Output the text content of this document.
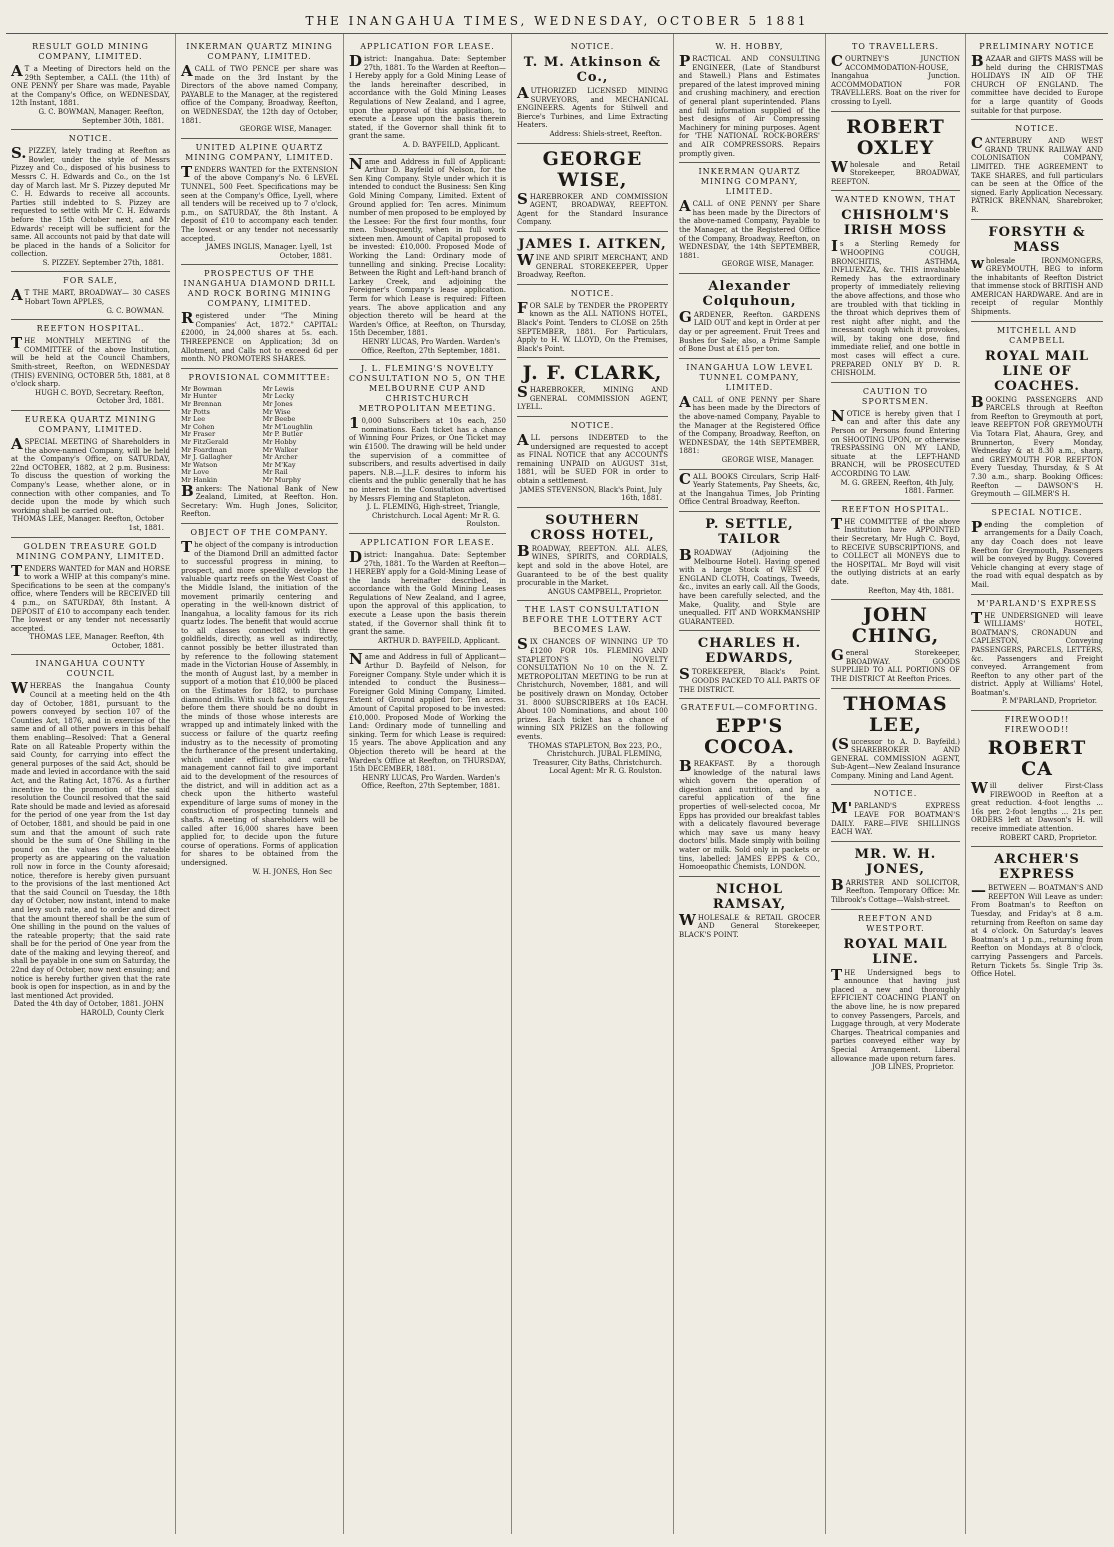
THE INANGAHUA TIMES, WEDNESDAY, OCTOBER 5 1881
RESULT GOLD MINING COMPANY, LIMITED.
AT a Meeting of Directors held on the 29th September, a CALL (the 11th) of ONE PENNY per Share was made, Payable at the Company's Office, on WEDNESDAY, 12th Instant, 1881.
G. C. BOWMAN, Manager. Reefton, September 30th, 1881.
NOTICE.
S.PIZZEY, lately trading at Reefton as Bowler, under the style of Messrs Pizzey and Co., disposed of his business to Messrs C. H. Edwards and Co., on the 1st day of March last. Mr S. Pizzey deputed Mr C. H. Edwards to receive all accounts. Parties still indebted to S. Pizzey are requested to settle with Mr C. H. Edwards before the 15th October next, and Mr Edwards' receipt will be sufficient for the same. All accounts not paid by that date will be placed in the hands of a Solicitor for collection.
S. PIZZEY. September 27th, 1881.
FOR SALE,
AT THE MART, BROADWAY— 30 CASES Hobart Town APPLES,
G. C. BOWMAN.
REEFTON HOSPITAL.
THE MONTHLY MEETING of the COMMITTEE of the above Institution, will be held at the Council Chambers, Smith-street, Reefton, on WEDNESDAY (THIS) EVENING, OCTOBER 5th, 1881, at 8 o'clock sharp.
HUGH C. BOYD, Secretary. Reefton, October 3rd, 1881.
EUREKA QUARTZ MINING COMPANY, LIMITED.
ASPECIAL MEETING of Shareholders in the above-named Company, will be held at the Company's Office, on SATURDAY, 22nd OCTOBER, 1882, at 2 p.m. Business: To discuss the question of working the Company's Lease, whether alone, or in connection with other companies, and To decide upon the mode by which such working shall be carried out.
THOMAS LEE, Manager. Reefton, October 1st, 1881.
GOLDEN TREASURE GOLD MINING COMPANY, LIMITED.
TENDERS WANTED for MAN and HORSE to work a WHIP at this company's mine. Specifications to be seen at the company's office, where Tenders will be RECEIVED till 4 p.m., on SATURDAY, 8th Instant. A DEPOSIT of £10 to accompany each tender. The lowest or any tender not necessarily accepted.
THOMAS LEE, Manager. Reefton, 4th October, 1881.
INANGAHUA COUNTY COUNCIL
WHEREAS the Inangahua County Council at a meeting held on the 4th day of October, 1881, pursuant to the powers conveyed by section 107 of the Counties Act, 1876, and in exercise of the same and of all other powers in this behalf them enabling—Resolved: That a General Rate on all Rateable Property within the said County, for carrying into effect the general purposes of the said Act, should be made and levied in accordance with the said Act, and the Rating Act, 1876. As a further incentive to the promotion of the said resolution the Council resolved that the said Rate should be made and levied as aforesaid for the period of one year from the 1st day of October, 1881, and should be paid in one sum and that the amount of such rate should be the sum of One Shilling in the pound on the values of the rateable property as are appearing on the valuation roll now in force in the County aforesaid; notice, therefore is hereby given pursuant to the provisions of the last mentioned Act that the said Council on Tuesday, the 18th day of October, now instant, intend to make and levy such rate, and to order and direct that the amount thereof shall be the sum of One shilling in the pound on the values of the rateable property; that the said rate shall be for the period of One year from the date of the making and levying thereof, and shall be payable in one sum on Saturday, the 22nd day of October, now next ensuing; and notice is hereby further given that the rate book is open for inspection, as in and by the last mentioned Act provided.
Dated the 4th day of October, 1881. JOHN HAROLD, County Clerk
INKERMAN QUARTZ MINING COMPANY, LIMITED.
ACALL of TWO PENCE per share was made on the 3rd Instant by the Directors of the above named Company, PAYABLE to the Manager, at the registered office of the Company, Broadway, Reefton, on WEDNESDAY, the 12th day of October, 1881.
GEORGE WISE, Manager.
UNITED ALPINE QUARTZ MINING COMPANY, LIMITED.
TENDERS WANTED for the EXTENSION of the above Company's No. 6 LEVEL TUNNEL, 500 Feet. Specifications may be seen at the Company's Office, Lyell, where all tenders will be received up to 7 o'clock, p.m., on SATURDAY, the 8th Instant. A deposit of £10 to accompany each tender. The lowest or any tender not necessarily accepted.
JAMES INGLIS, Manager. Lyell, 1st October, 1881.
PROSPECTUS OF THE INANGAHUA DIAMOND DRILL AND ROCK BORING MINING COMPANY, LIMITED.
Registered under "The Mining Companies' Act, 1872." CAPITAL: £2000, in 24,000 shares at 5s. each. THREEPENCE on Application; 3d on Allotment, and Calls not to exceed 6d per month. NO PROMOTERS SHARES.
PROVISIONAL COMMITTEE:
Mr Bowman
Mr Hunter
Mr Brennan
Mr Potts
Mr Lee
Mr Cohen
Mr Fraser
Mr FitzGerald
Mr Foardman
Mr J. Gallagher
Mr Watson
Mr Love
Mr Hankin
Mr Lewis
Mr Lecky
Mr Jones
Mr Wise
Mr Beebe
Mr M'Loughlin
Mr P. Butler
Mr Hobby
Mr Walker
Mr Archer
Mr M'Kay
Mr Rail
Mr Murphy
Bankers: The National Bank of New Zealand, Limited, at Reefton. Hon. Secretary: Wm. Hugh Jones, Solicitor, Reefton.
OBJECT OF THE COMPANY.
The object of the company is introduction of the Diamond Drill an admitted factor to successful progress in mining, to prospect, and more speedily develop the valuable quartz reefs on the West Coast of the Middle Island, the initiation of the movement primarily centering and operating in the well-known district of Inangahua, a locality famous for its rich quartz lodes. The benefit that would accrue to all classes connected with three goldfields, directly, as well as indirectly, cannot possibly be better illustrated than by reference to the following statement made in the Victorian House of Assembly, in the month of August last, by a member in support of a motion that £10,000 be placed on the Estimates for 1882, to purchase diamond drills. With such facts and figures before them there should be no doubt in the minds of those whose interests are wrapped up and intimately linked with the success or failure of the quartz reefing industry as to the necessity of promoting the furtherance of the present undertaking, which under efficient and careful management cannot fail to give important aid to the development of the resources of the district, and will in addition act as a check upon the hitherto wasteful expenditure of large sums of money in the construction of prospecting tunnels and shafts. A meeting of shareholders will be called after 16,000 shares have been applied for, to decide upon the future course of operations. Forms of application for shares to be obtained from the undersigned.
W. H. JONES, Hon Sec
APPLICATION FOR LEASE.
District: Inangahua. Date: September 27th, 1881. To the Warden at Reefton— I Hereby apply for a Gold Mining Lease of the lands hereinafter described, in accordance with the Gold Mining Leases Regulations of New Zealand, and I agree, upon the approval of this application, to execute a Lease upon the basis therein stated, if the Governor shall think fit to grant the same.
A. D. BAYFEILD, Applicant.
Name and Address in full of Applicant: Arthur D. Bayfeild of Nelson, for the Sen King Company. Style under which it is intended to conduct the Business: Sen King Gold Mining Company, Limited. Extent of Ground applied for: Ten acres. Minimum number of men proposed to be employed by the Lessee: For the first four months, four men. Subsequently, when in full work sixteen men. Amount of Capital proposed to be invested: £10,000. Proposed Mode of Working the Land: Ordinary mode of tunnelling and sinking. Precise Locality: Between the Right and Left-hand branch of Larkey Creek, and adjoining the Foreigner's Company's lease application. Term for which Lease is required: Fifteen years. The above application and any objection thereto will be heard at the Warden's Office, at Reefton, on Thursday, 15th December, 1881.
HENRY LUCAS, Pro Warden. Warden's Office, Reefton, 27th September, 1881.
J. L. FLEMING'S NOVELTY CONSULTATION NO 5, ON THE MELBOURNE CUP AND CHRISTCHURCH METROPOLITAN MEETING.
10,000 Subscribers at 10s each, 250 nominations. Each ticket has a chance of Winning Four Prizes, or One Ticket may win £1500. The drawing will be held under the supervision of a committee of subscribers, and results advertised in daily papers. N.B.—J.L.F. desires to inform his clients and the public generally that he has no interest in the Consultation advertised by Messrs Fleming and Stapleton.
J. L. FLEMING, High-street, Triangle, Christchurch. Local Agent: Mr R. G. Roulston.
APPLICATION FOR LEASE.
District: Inangahua. Date: September 27th, 1881. To the Warden at Reefton— I HEREBY apply for a Gold-Mining Lease of the lands hereinafter described, in accordance with the Gold Mining Leases Regulations of New Zealand, and I agree, upon the approval of this application, to execute a Lease upon the basis therein stated, if the Governor shall think fit to grant the same.
ARTHUR D. BAYFEILD, Applicant.
Name and Address in full of Applicant—Arthur D. Bayfeild of Nelson, for Foreigner Company. Style under which it is intended to conduct the Business—Foreigner Gold Mining Company, Limited. Extent of Ground applied for: Ten acres. Amount of Capital proposed to be invested: £10,000. Proposed Mode of Working the Land: Ordinary mode of tunnelling and sinking. Term for which Lease is required: 15 years. The above Application and any Objection thereto will be heard at the Warden's Office at Reefton, on THURSDAY, 15th DECEMBER, 1881.
HENRY LUCAS, Pro Warden. Warden's Office, Reefton, 27th September, 1881.
NOTICE.
T. M. Atkinson & Co.,
AUTHORIZED LICENSED MINING SURVEYORS, and MECHANICAL ENGINEERS. Agents for Stilwell and Bierce's Turbines, and Lime Extracting Heaters.
Address: Shiels-street, Reefton.
GEORGE WISE,
SHAREBROKER AND COMMISSION AGENT, BROADWAY, REEFTON. Agent for the Standard Insurance Company.
JAMES I. AITKEN,
WINE AND SPIRIT MERCHANT, AND GENERAL STOREKEEPER, Upper Broadway, Reefton.
NOTICE.
FOR SALE by TENDER the PROPERTY known as the ALL NATIONS HOTEL, Black's Point. Tenders to CLOSE on 25th SEPTEMBER, 1881. For Particulars, Apply to H. W. LLOYD, On the Premises, Black's Point.
J. F. CLARK,
SHAREBROKER, MINING AND GENERAL COMMISSION AGENT, LYELL.
NOTICE.
ALL persons INDEBTED to the undersigned are requested to accept as FINAL NOTICE that any ACCOUNTS remaining UNPAID on AUGUST 31st, 1881, will be SUED FOR in order to obtain a settlement.
JAMES STEVENSON, Black's Point, July 16th, 1881.
SOUTHERN CROSS HOTEL,
BROADWAY, REEFTON. ALL ALES, WINES, SPIRITS, and CORDIALS, kept and sold in the above Hotel, are Guaranteed to be of the best quality procurable in the Market.
ANGUS CAMPBELL, Proprietor.
THE LAST CONSULTATION BEFORE THE LOTTERY ACT BECOMES LAW.
SIX CHANCES OF WINNING UP TO £1200 FOR 10s. FLEMING AND STAPLETON'S NOVELTY CONSULTATION No 10 on the N. Z. METROPOLITAN MEETING to be run at Christchurch, November, 1881, and will be positively drawn on Monday, October 31. 8000 SUBSCRIBERS at 10s EACH. About 100 Nominations, and about 100 prizes. Each ticket has a chance of winning SIX PRIZES on the following events.
THOMAS STAPLETON, Box 223, P.O., Christchurch. JUBAL FLEMING, Treasurer, City Baths, Christchurch. Local Agent: Mr R. G. Roulston.
W. H. HOBBY,
PRACTICAL AND CONSULTING ENGINEER, (Late of Standburst and Stawell.) Plans and Estimates prepared of the latest improved mining and crushing machinery, and erection of general plant superintended. Plans and full information supplied of the best designs of Air Compressing Machinery for mining purposes. Agent for 'THE NATIONAL ROCK-BORERS' and AIR COMPRESSORS. Repairs promptly given.
INKERMAN QUARTZ MINING COMPANY, LIMITED.
ACALL of ONE PENNY per Share has been made by the Directors of the above-named Company, Payable to the Manager, at the Registered Office of the Company, Broadway, Reefton, on WEDNESDAY, the 14th SEPTEMBER, 1881.
GEORGE WISE, Manager.
Alexander Colquhoun,
GARDENER, Reefton. GARDENS LAID OUT and kept in Order at per day or per agreement. Fruit Trees and Bushes for Sale; also, a Prime Sample of Bone Dust at £15 per ton.
INANGAHUA LOW LEVEL TUNNEL COMPANY, LIMITED.
ACALL of ONE PENNY per Share has been made by the Directors of the above-named Company, Payable to the Manager at the Registered Office of the Company, Broadway, Reefton, on WEDNESDAY, the 14th SEPTEMBER, 1881:
GEORGE WISE, Manager.
CALL BOOKS Circulars, Scrip Half-Yearly Statements, Pay Sheets, &c, at the Inangahua Times, Job Printing Office Central Broadway, Reefton.
P. SETTLE, TAILOR
BROADWAY (Adjoining the Melbourne Hotel). Having opened with a large Stock of WEST OF ENGLAND CLOTH, Coatings, Tweeds, &c., invites an early call. All the Goods, have been carefully selected, and the Make, Quality, and Style are unequalled. FIT AND WORKMANSHIP GUARANTEED.
CHARLES H. EDWARDS,
STOREKEEPER, Black's Point. GOODS PACKED TO ALL PARTS OF THE DISTRICT.
GRATEFUL—COMFORTING.
EPP'S COCOA.
BREAKFAST. By a thorough knowledge of the natural laws which govern the operation of digestion and nutrition, and by a careful application of the fine properties of well-selected cocoa, Mr Epps has provided our breakfast tables with a delicately flavoured beverage which may save us many heavy doctors' bills. Made simply with boiling water or milk. Sold only in packets or tins, labelled: JAMES EPPS & CO., Homoeopathic Chemists, LONDON.
NICHOL RAMSAY,
WHOLESALE & RETAIL GROCER AND General Storekeeper, BLACK'S POINT.
TO TRAVELLERS.
COURTNEY'S JUNCTION ACCOMMODATION-HOUSE, Inangahua Junction. ACCOMMODATION FOR TRAVELLERS. Boat on the river for crossing to Lyell.
ROBERT OXLEY
Wholesale and Retail Storekeeper, BROADWAY, REEFTON.
WANTED KNOWN, THAT
CHISHOLM'S IRISH MOSS
Is a Sterling Remedy for WHOOPING COUGH, BRONCHITIS, ASTHMA, INFLUENZA, &c. THIS invaluable Remedy has the extraordinary property of immediately relieving the above affections, and those who are troubled with that tickling in the throat which deprives them of rest night after night, and the incessant cough which it provokes, will, by taking one dose, find immediate relief, and one bottle in most cases will effect a cure. PREPARED ONLY BY D. R. CHISHOLM.
CAUTION TO SPORTSMEN.
NOTICE is hereby given that I can and after this date any Person or Persons found Entering on SHOOTING UPON, or otherwise TRESPASSING ON MY LAND, situate at the LEFT-HAND BRANCH, will be PROSECUTED ACCORDING TO LAW.
M. G. GREEN, Reefton, 4th July, 1881. Farmer.
REEFTON HOSPITAL.
THE COMMITTEE of the above Institution have APPOINTED their Secretary, Mr Hugh C. Boyd, to RECEIVE SUBSCRIPTIONS, and to COLLECT all MONEYS due to the HOSPITAL. Mr Boyd will visit the outlying districts at an early date.
Reefton, May 4th, 1881.
JOHN CHING,
General Storekeeper, BROADWAY. GOODS SUPPLIED TO ALL PORTIONS OF THE DISTRICT At Reefton Prices.
THOMAS LEE,
(Successor to A. D. Bayfeild.) SHAREBROKER AND GENERAL COMMISSION AGENT, Sub-Agent—New Zealand Insurance Company. Mining and Land Agent.
NOTICE.
M'PARLAND'S EXPRESS LEAVE FOR BOATMAN'S DAILY. FARE—FIVE SHILLINGS EACH WAY.
MR. W. H. JONES,
BARRISTER AND SOLICITOR, Reefton. Temporary Office: Mr. Tilbrook's Cottage—Walsh-street.
REEFTON AND WESTPORT.
ROYAL MAIL LINE.
THE Undersigned begs to announce that having just placed a new and thoroughly EFFICIENT COACHING PLANT on the above line, he is now prepared to convey Passengers, Parcels, and Luggage through, at very Moderate Charges. Theatrical companies and parties conveyed either way by Special Arrangement. Liberal allowance made upon return fares.
JOB LINES, Proprietor.
PRELIMINARY NOTICE
BAZAAR and GIFTS MASS will be held during the CHRISTMAS HOLIDAYS IN AID OF THE CHURCH OF ENGLAND. The committee have decided to Europe for a large quantity of Goods suitable for that purpose.
NOTICE.
CANTERBURY AND WEST GRAND TRUNK RAILWAY AND COLONISATION COMPANY, LIMITED. THE AGREEMENT to TAKE SHARES, and full particulars can be seen at the Office of the signed. Early Application Necessary. PATRICK BRENNAN, Sharebroker, R.
FORSYTH & MASS
wholesale IRONMONGERS, GREYMOUTH, BEG to inform the inhabitants of Reefton District that immense stock of BRITISH AND AMERICAN HARDWARE. And are in receipt of regular Monthly Shipments.
MITCHELL AND CAMPBELL
ROYAL MAIL LINE OF COACHES.
BOOKING PASSENGERS AND PARCELS through at Reefton from Reefton to Greymouth at port, leave REEFTON FOR GREYMOUTH Via Totara Flat, Ahaura, Grey, and Brunnerton, Every Monday, Wednesday & at 8.30 a.m., sharp, and GREYMOUTH FOR REEFTON Every Tuesday, Thursday, & S At 7.30 a.m., sharp. Booking Offices: Reefton — DAWSON'S H. Greymouth — GILMER'S H.
SPECIAL NOTICE.
Pending the completion of arrangements for a Daily Coach, any day Coach does not leave Reefton for Greymouth, Passengers will be conveyed by Buggy. Covered Vehicle changing at every stage of the road with equal despatch as by Mail.
M'PARLAND'S EXPRESS
THE UNDERSIGNED will leave WILLIAMS' HOTEL, BOATMAN'S, CRONADUN and CAPLESTON, Conveying PASSENGERS, PARCELS, LETTERS, &c. Passengers and Freight conveyed. Arrangement from Reefton to any other part of the district. Apply at Williams' Hotel, Boatman's.
P. M'PARLAND, Proprietor.
FIREWOOD!! FIREWOOD!!
ROBERT CA
Will deliver First-Class FIREWOOD in Reefton at a great reduction. 4-foot lengths ... 16s per. 2-foot lengths ... 21s per. ORDERS left at Dawson's H. will receive immediate attention.
ROBERT CARD, Proprietor.
ARCHER'S EXPRESS
—BETWEEN — BOATMAN'S AND REEFTON Will Leave as under: From Boatman's to Reefton on Tuesday, and Friday's at 8 a.m. returning from Reefton on same day at 4 o'clock. On Saturday's leaves Boatman's at 1 p.m., returning from Reefton on Mondays at 8 o'clock, carrying Passengers and Parcels. Return Tickets 5s. Single Trip 3s. Office Hotel.
